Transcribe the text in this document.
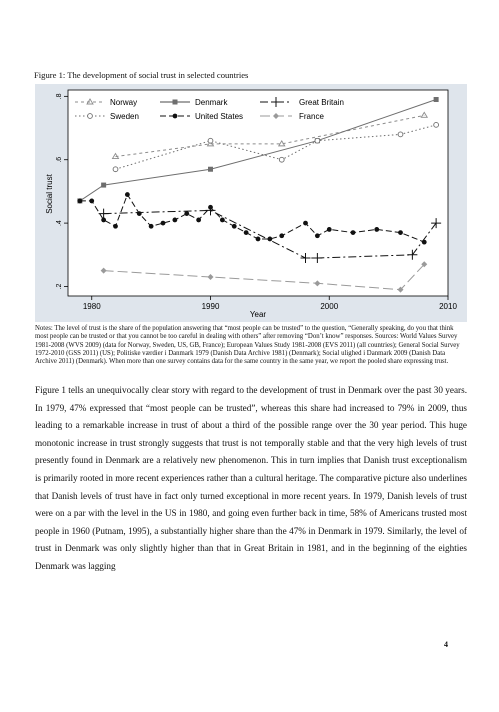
Figure 1: The development of social trust in selected countries
Norway	Denmark	Great Britain
Sweden	United States	France
1980	1990	2000	2010
.2
.4
.6
.8
Social trust
Year
Notes: The level of trust is the share of the population answering that “most people can be trusted” to the question, “Generally speaking, do you that think most people can be trusted or that you cannot be too careful in dealing with others” after removing “Don’t know” responses. Sources: World Values Survey 1981-2008 (WVS 2009) (data for Norway, Sweden, US, GB, France); European Values Study 1981-2008 (EVS 2011) (all countries); General Social Survey 1972-2010 (GSS 2011) (US); Politiske værdier i Danmark 1979 (Danish Data Archive 1981) (Denmark); Social ulighed i Danmark 2009 (Danish Data Archive 2011) (Denmark). When more than one survey contains data for the same country in the same year, we report the pooled share expressing trust.

Figure 1 tells an unequivocally clear story with regard to the development of trust in Denmark over the past 30 years. In 1979, 47% expressed that “most people can be trusted”, whereas this share had increased to 79% in 2009, thus leading to a remarkable increase in trust of about a third of the possible range over the 30 year period. This huge monotonic increase in trust strongly suggests that trust is not temporally stable and that the very high levels of trust presently found in Denmark are a relatively new phenomenon. This in turn implies that Danish trust exceptionalism is primarily rooted in more recent experiences rather than a cultural heritage. The comparative picture also underlines that Danish levels of trust have in fact only turned exceptional in more recent years. In 1979, Danish levels of trust were on a par with the level in the US in 1980, and going even further back in time, 58% of Americans trusted most people in 1960 (Putnam, 1995), a substantially higher share than the 47% in Denmark in 1979. Similarly, the level of trust in Denmark was only slightly higher than that in Great Britain in 1981, and in the beginning of the eighties Denmark was lagging

4
